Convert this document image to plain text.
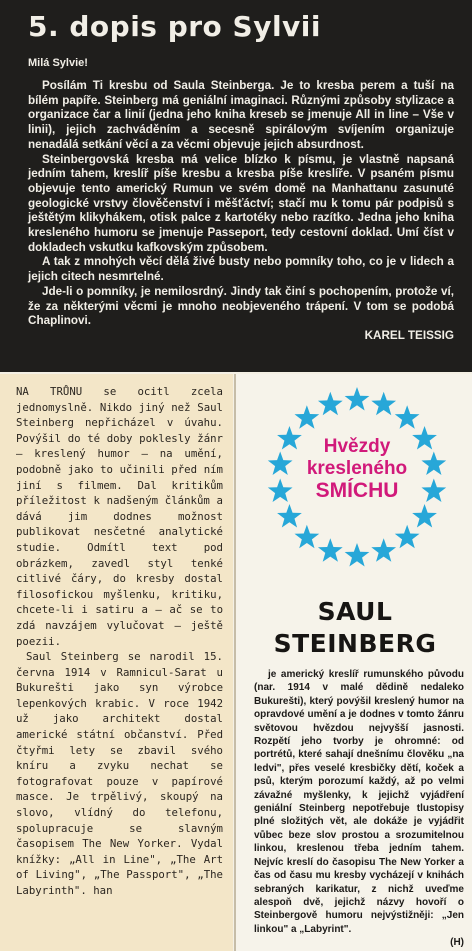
5. dopis pro Sylvii
Milá Sylvie!

Posílám Ti kresbu od Saula Steinberga. Je to kresba perem a tuší na bílém papíře. Steinberg má geniální imaginaci. Různými způsoby stylizace a organizace čar a linií (jedna jeho kniha kreseb se jmenuje All in line – Vše v linii), jejich zachváděním a secesně spirálovým svíjením organizuje nenadálá setkání věcí a za věcmi objevuje jejich absurdnost.

Steinbergovská kresba má velice blízko k písmu, je vlastně napsaná jedním tahem, kreslíř píše kresbu a kresba píše kreslíře. V psaném písmu objevuje tento americký Rumun ve svém domě na Manhattanu zasunuté geologické vrstvy člověčenství i měšťáctví; stačí mu k tomu pár podpisů s ještětým klikyhákem, otisk palce z kartotéky nebo razítko. Jedna jeho kniha kresleného humoru se jmenuje Passeport, tedy cestovní doklad. Umí číst v dokladech vskutku kafkovským způsobem.

A tak z mnohých věcí dělá živé busty nebo pomníky toho, co je v lidech a jejich citech nesmrtelné.

Jde-li o pomníky, je nemilosrdný. Jindy tak činí s pochopením, protože ví, že za některými věcmi je mnoho neobjeveného trápení. V tom se podobá Chaplinovi.

KAREL TEISSIG

NA TRŮNU se ocitl zcela jednomyslně. Nikdo jiný než Saul Steinberg nepřicházel v úvahu. Povýšil do té doby poklesly žánr — kreslený humor — na umění, podobně jako to učinili před ním jiní s filmem. Dal kritikům příležitost k nadšeným článkům a dává jim dodnes možnost publikovat nesčetné analytické studie. Odmítl text pod obrázkem, zavedl styl tenké citlivé čáry, do kresby dostal filosofickou myšlenku, kritiku, chcete-li i satiru a — ač se to zdá navzájem vylučovat — ještě poezii.

Saul Steinberg se narodil 15. června 1914 v Ramnicul-Sarat u Bukurešti jako syn výrobce lepenkových krabic. V roce 1942 už jako architekt dostal americké státní občanství. Před čtyřmi lety se zbavil svého kníru a zvyku nechat se fotografovat pouze v papírové masce. Je trpělivý, skoupý na slovo, vlídný do telefonu, spolupracuje se slavným časopisem The New Yorker. Vydal knížky: „All in Line", „The Art of Living", „The Passport", „The Labyrinth". han

Hvězdy
kresleného
SMÍCHU
SAUL
STEINBERG

je americký kreslíř rumunského původu (nar. 1914 v malé dědině nedaleko Bukurešti), který povýšil kreslený humor na opravdové umění a je dodnes v tomto žánru světovou hvězdou nejvyšší jasnosti. Rozpětí jeho tvorby je ohromné: od portrétů, které sahají dnešnímu člověku „na ledvi", přes veselé kresbičky dětí, koček a psů, kterým porozumí každý, až po velmi závažné myšlenky, k jejichž vyjádření geniální Steinberg nepotřebuje tlustopisy plné složitých vět, ale dokáže je vyjádřit vůbec beze slov prostou a srozumitelnou linkou, kreslenou třeba jedním tahem. Nejvíc kreslí do časopisu The New Yorker a čas od času mu kresby vycházejí v knihách sebraných karikatur, z nichž uveďme alespoň dvě, jejichž názvy hovoří o Steinbergově humoru nejvýstižněji: „Jen linkou" a „Labyrint".

(H)
